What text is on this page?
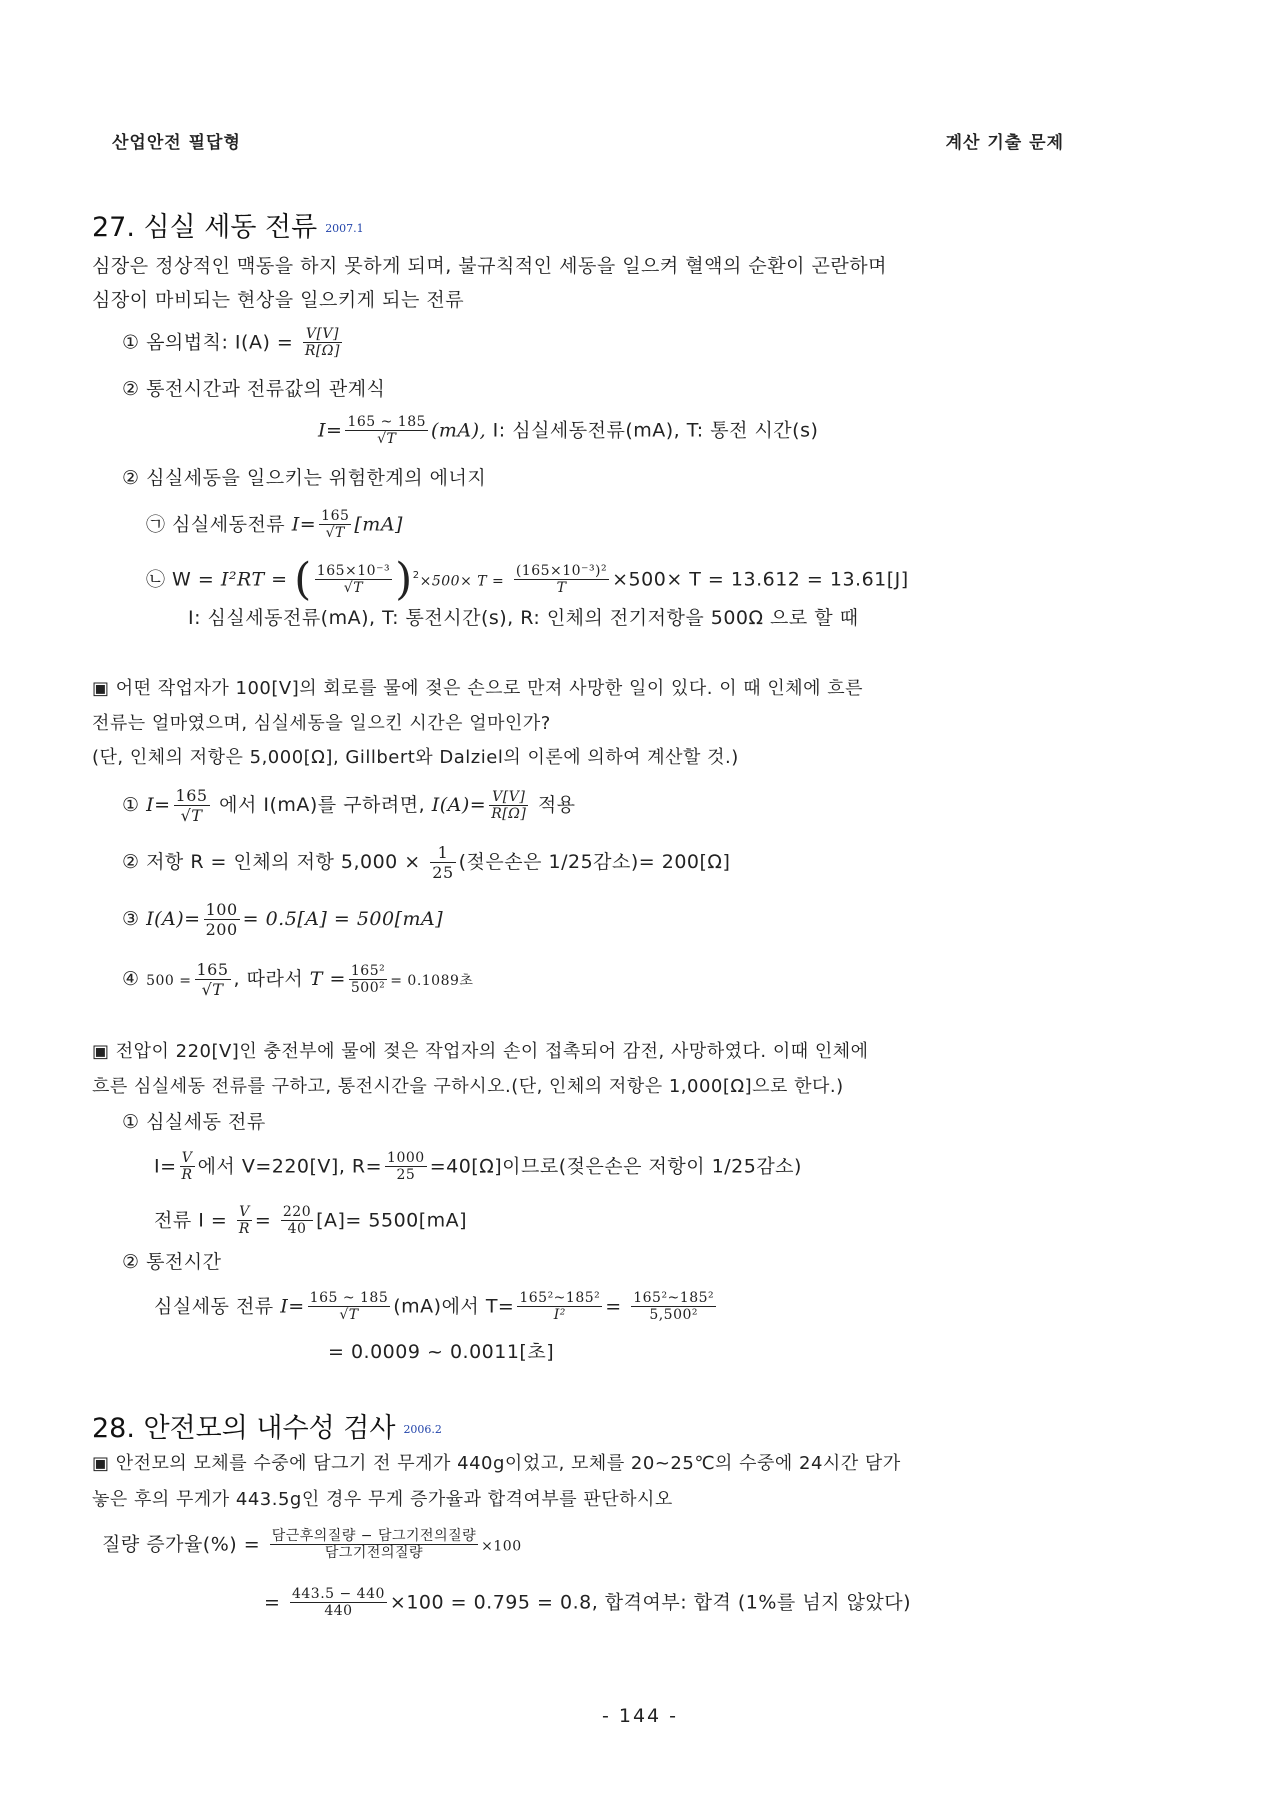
산업안전 필답형	계산 기출 문제
27. 심실 세동 전류 2007.1
심장은 정상적인 맥동을 하지 못하게 되며, 불규칙적인 세동을 일으켜 혈액의 순환이 곤란하며
심장이 마비되는 현상을 일으키게 되는 전류
① 옴의법칙: $I(A) = \frac{V[V]}{R[\Omega]}$
② 통전시간과 전류값의 관계식
$I= \frac{165 \sim 185}{√T} (mA)$, I: 심실세동전류(mA), T: 통전 시간(s)
② 심실세동을 일으키는 위험한계의 에너지
㉠ 심실세동전류 $I= \frac{165}{√T} [mA]$
㉡ W = I²RT = ( $\frac{\text{165×10⁻³}}{√T} )^2\times 500\times T = \frac{\text{(165×10⁻³)²}}{T} \times 500\times T = 13.612 = 13.61[J]$
I: 심실세동전류(mA), T: 통전시간(s), R: 인체의 전기저항을 500Ω 으로 할 때
▣ 어떤 작업자가 100[V]의 회로를 물에 젖은 손으로 만져 사망한 일이 있다. 이 때 인체에 흐른
전류는 얼마였으며, 심실세동을 일으킨 시간은 얼마인가?
(단, 인체의 저항은 5,000[Ω], Gillbert와 Dalziel의 이론에 의하여 계산할 것.)
① $I= \frac{165}{√T}$ 에서 I(mA)를 구하려면, $I(A)= \frac{V[V]}{R[\Omega]}$ 적용
② 저항 R = 인체의 저항 $5,000 \times \frac{1}{25}$ (젖은손은 1/25감소)= 200[Ω]
③ $I(A)= \frac{100}{200} = 0.5[A] = 500[mA]$
④ $500 = \frac{165}{√T}$ , 따라서 $T = \frac{\text{165²}}{\text{500²}} = 0.1089$초
▣ 전압이 220[V]인 충전부에 물에 젖은 작업자의 손이 접촉되어 감전, 사망하였다. 이때 인체에
흐른 심실세동 전류를 구하고, 통전시간을 구하시오.(단, 인체의 저항은 1,000[Ω]으로 한다.)
① 심실세동 전류
$I= \frac{V}{R}$ 에서 V=220[V], $R= \frac{1000}{25} =40[\Omega]$이므로(젖은손은 저항이 1/25감소)
전류 $I = \frac{V}{R} = \frac{220}{40} [A]= 5500[mA]$
② 통전시간
심실세동 전류 $I= \frac{165 \sim 185}{√T} (mA)$에서 $T= \frac{\text{165²\textasciitilde{}185²}}{\text{I²}} = \frac{\text{165²\textasciitilde{}185²}}{\text{5,500²}}$
= 0.0009 ~ 0.0011[초]
28. 안전모의 내수성 검사 2006.2
▣ 안전모의 모체를 수중에 담그기 전 무게가 440g이었고, 모체를 20~25℃의 수중에 24시간 담가
놓은 후의 무게가 443.5g인 경우 무게 증가율과 합격여부를 판단하시오
질량 증가율(%) = $\frac{\text{담근후의질량 − 담그기전의질량}}{\text{담그기전의질량}} \times 100$
= $\frac{443.5 - 440}{440} \times 100 = 0.795 = 0.8$, 합격여부: 합격 (1%를 넘지 않았다)
- 144 -
